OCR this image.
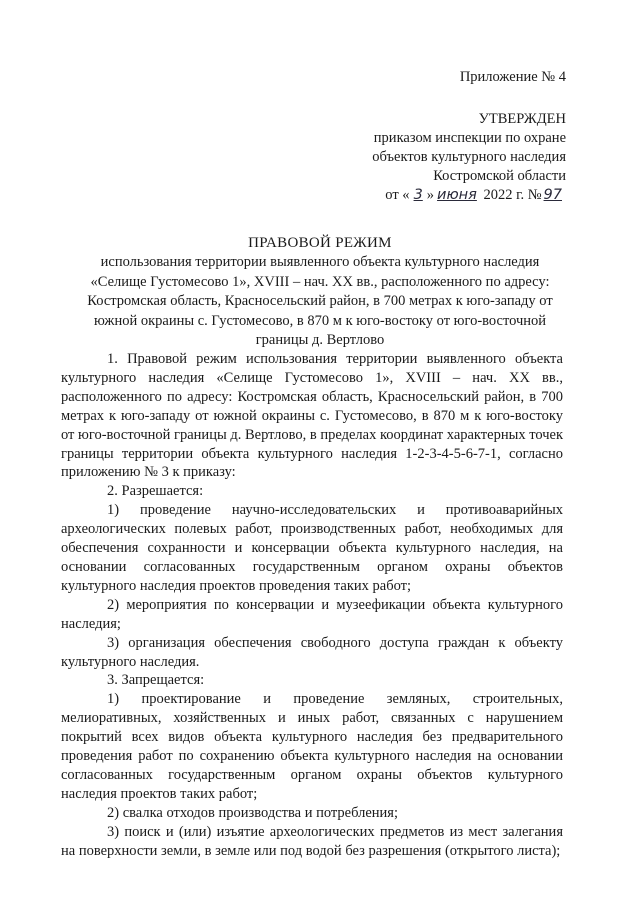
Приложение № 4
УТВЕРЖДЕН
приказом инспекции по охране
объектов культурного наследия
Костромской области
от « 3 » июня 2022 г. № 97
ПРАВОВОЙ РЕЖИМ
использования территории выявленного объекта культурного наследия
«Селище Густомесово 1», XVIII – нач. XX вв., расположенного по адресу:
Костромская область, Красносельский район, в 700 метрах к юго-западу от
южной окраины с. Густомесово, в 870 м к юго-востоку от юго-восточной
границы д. Вертлово

1. Правовой режим использования территории выявленного объекта культурного наследия «Селище Густомесово 1», XVIII – нач. XX вв., расположенного по адресу: Костромская область, Красносельский район, в 700 метрах к юго-западу от южной окраины с. Густомесово, в 870 м к юго-востоку от юго-восточной границы д. Вертлово, в пределах координат характерных точек границы территории объекта культурного наследия 1-2-3-4-5-6-7-1, согласно приложению № 3 к приказу:

2. Разрешается:

1) проведение научно-исследовательских и противоаварийных археологических полевых работ, производственных работ, необходимых для обеспечения сохранности и консервации объекта культурного наследия, на основании согласованных государственным органом охраны объектов культурного наследия проектов проведения таких работ;

2) мероприятия по консервации и музеефикации объекта культурного наследия;

3) организация обеспечения свободного доступа граждан к объекту культурного наследия.

3. Запрещается:

1) проектирование и проведение земляных, строительных, мелиоративных, хозяйственных и иных работ, связанных с нарушением покрытий всех видов объекта культурного наследия без предварительного проведения работ по сохранению объекта культурного наследия на основании согласованных государственным органом охраны объектов культурного наследия проектов таких работ;

2) свалка отходов производства и потребления;

3) поиск и (или) изъятие археологических предметов из мест залегания на поверхности земли, в земле или под водой без разрешения (открытого листа);
